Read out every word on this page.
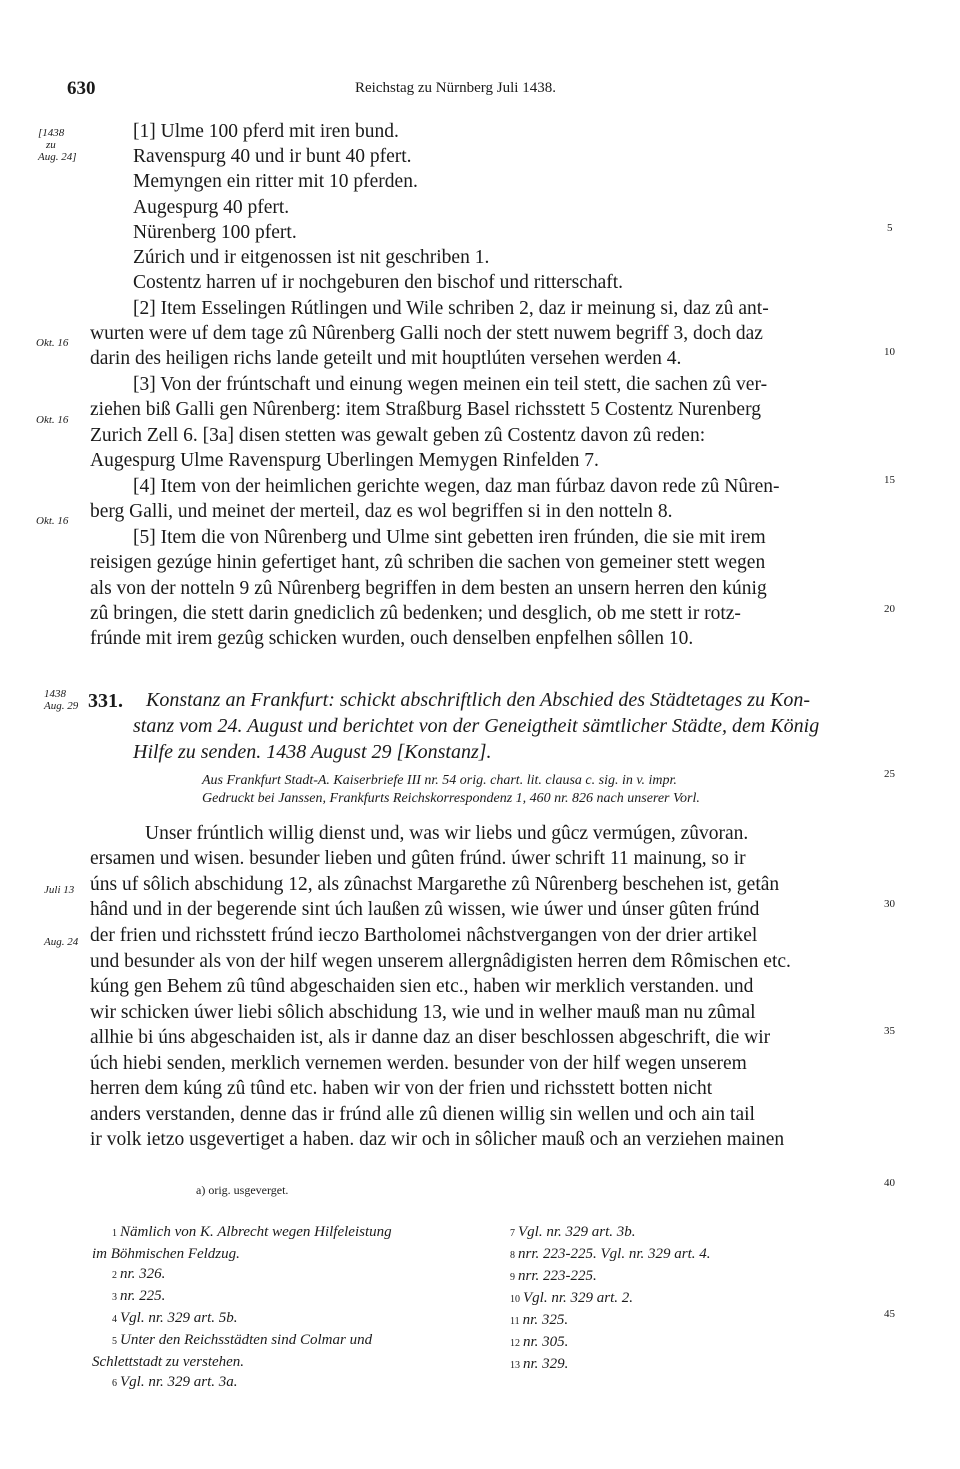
630	Reichstag zu Nürnberg Juli 1438.
[1438
zu
Aug. 24]
Okt. 16
Okt. 16
Okt. 16
1438
Aug. 29
Juli 13
Aug. 24
5
10
15
20
25
30
35
40
45
[1] Ulme 100 pferd mit iren bund.
Ravenspurg 40 und ir bunt 40 pfert.
Memyngen ein ritter mit 10 pferden.
Augespurg 40 pfert.
Nürenberg 100 pfert.
Zúrich und ir eitgenossen ist nit geschriben 1.
Costentz harren uf ir nochgeburen den bischof und ritterschaft.
[2] Item Esselingen Rútlingen und Wile schriben 2, daz ir meinung si, daz zû ant-
wurten were uf dem tage zû Nûrenberg Galli noch der stett nuwem begriff 3, doch daz
darin des heiligen richs lande geteilt und mit houptlúten versehen werden 4.
[3] Von der frúntschaft und einung wegen meinen ein teil stett, die sachen zû ver-
ziehen biß Galli gen Nûrenberg: item Straßburg Basel richsstett 5 Costentz Nurenberg
Zurich Zell 6. [3a] disen stetten was gewalt geben zû Costentz davon zû reden:
Augespurg Ulme Ravenspurg Uberlingen Memygen Rinfelden 7.
[4] Item von der heimlichen gerichte wegen, daz man fúrbaz davon rede zû Nûren-
berg Galli, und meinet der merteil, daz es wol begriffen si in den notteln 8.
[5] Item die von Nûrenberg und Ulme sint gebetten iren frúnden, die sie mit irem
reisigen gezúge hinin gefertiget hant, zû schriben die sachen von gemeiner stett wegen
als von der notteln 9 zû Nûrenberg begriffen in dem besten an unsern herren den kúnig
zû bringen, die stett darin gnediclich zû bedenken; und desglich, ob me stett ir rotz-
frúnde mit irem gezûg schicken wurden, ouch denselben enpfelhen sôllen 10.
331. Konstanz an Frankfurt: schickt abschriftlich den Abschied des Städtetages zu Kon-
stanz vom 24. August und berichtet von der Geneigtheit sämtlicher Städte, dem König
Hilfe zu senden. 1438 August 29 [Konstanz].
Aus Frankfurt Stadt-A. Kaiserbriefe III nr. 54 orig. chart. lit. clausa c. sig. in v. impr.
Gedruckt bei Janssen, Frankfurts Reichskorrespondenz 1, 460 nr. 826 nach unserer Vorl.
Unser frúntlich willig dienst und, was wir liebs und gûcz vermúgen, zûvoran.
ersamen und wisen. besunder lieben und gûten frúnd. úwer schrift 11 mainung, so ir
úns uf sôlich abschidung 12, als zûnachst Margarethe zû Nûrenberg beschehen ist, getân
hând und in der begerende sint úch laußen zû wissen, wie úwer und únser gûten frúnd
der frien und richsstett frúnd ieczo Bartholomei nâchstvergangen von der drier artikel
und besunder als von der hilf wegen unserem allergnâdigisten herren dem Rômischen etc.
kúng gen Behem zû tûnd abgeschaiden sien etc., haben wir merklich verstanden. und
wir schicken úwer liebi sôlich abschidung 13, wie und in welher mauß man nu zûmal
allhie bi úns abgeschaiden ist, als ir danne daz an diser beschlossen abgeschrift, die wir
úch hiebi senden, merklich vernemen werden. besunder von der hilf wegen unserem
herren dem kúng zû tûnd etc. haben wir von der frien und richsstett botten nicht
anders verstanden, denne das ir frúnd alle zû dienen willig sin wellen und och ain tail
ir volk ietzo usgevertiget a haben. daz wir och in sôlicher mauß och an verziehen mainen
a) orig. usgeverget.
1 Nämlich von K. Albrecht wegen Hilfeleistung
im Böhmischen Feldzug.
2 nr. 326.
3 nr. 225.
4 Vgl. nr. 329 art. 5b.
5 Unter den Reichsstädten sind Colmar und
Schlettstadt zu verstehen.
6 Vgl. nr. 329 art. 3a.
7 Vgl. nr. 329 art. 3b.
8 nrr. 223-225. Vgl. nr. 329 art. 4.
9 nrr. 223-225.
10 Vgl. nr. 329 art. 2.
11 nr. 325.
12 nr. 305.
13 nr. 329.
